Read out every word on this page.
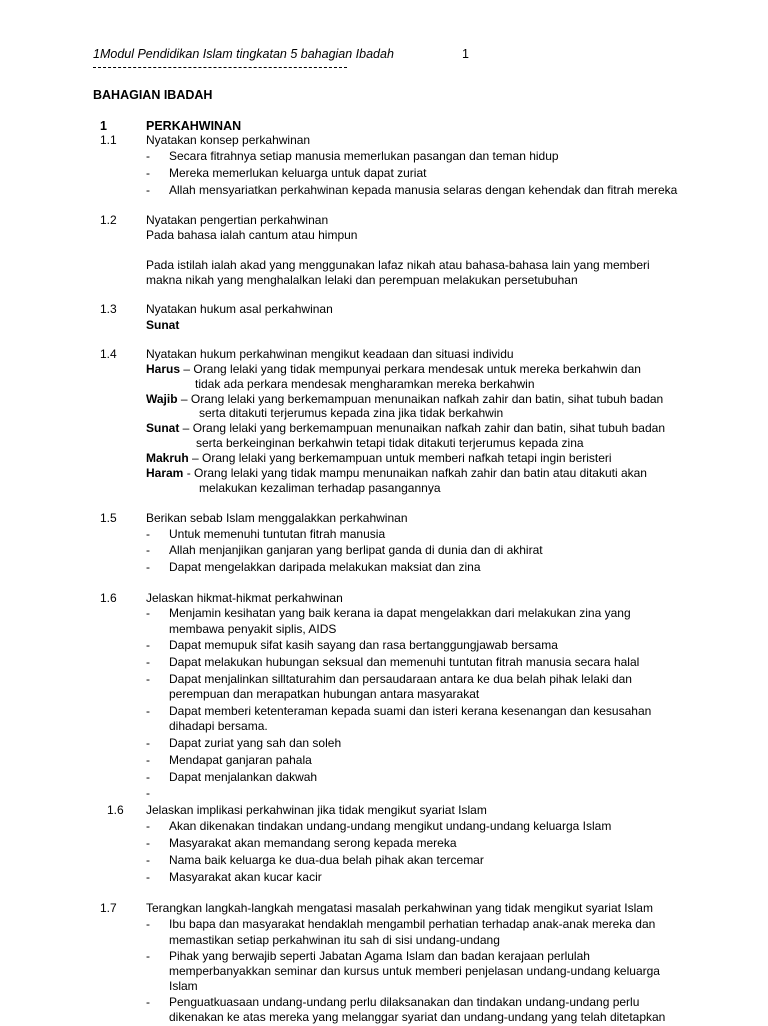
1Modul Pendidikan Islam tingkatan 5 bahagian Ibadah	1
BAHAGIAN IBADAH
1	PERKAHWINAN
1.1 Nyatakan konsep perkahwinan
- Secara fitrahnya setiap manusia memerlukan pasangan dan teman hidup
- Mereka memerlukan keluarga untuk dapat zuriat
- Allah mensyariatkan perkahwinan kepada manusia selaras dengan kehendak dan fitrah mereka
1.2 Nyatakan pengertian perkahwinan
Pada bahasa ialah cantum atau himpun
Pada istilah ialah akad yang menggunakan lafaz nikah atau bahasa-bahasa lain yang memberi
makna nikah yang menghalalkan lelaki dan perempuan melakukan persetubuhan
1.3 Nyatakan hukum asal perkahwinan
Sunat
1.4 Nyatakan hukum perkahwinan mengikut keadaan dan situasi individu
Harus – Orang lelaki yang tidak mempunyai perkara mendesak untuk mereka berkahwin dan
tidak ada perkara mendesak mengharamkan mereka berkahwin
Wajib – Orang lelaki yang berkemampuan menunaikan nafkah zahir dan batin, sihat tubuh badan
serta ditakuti terjerumus kepada zina jika tidak berkahwin
Sunat – Orang lelaki yang berkemampuan menunaikan nafkah zahir dan batin, sihat tubuh badan
serta berkeinginan berkahwin tetapi tidak ditakuti terjerumus kepada zina
Makruh – Orang lelaki yang berkemampuan untuk memberi nafkah tetapi ingin beristeri
Haram - Orang lelaki yang tidak mampu menunaikan nafkah zahir dan batin atau ditakuti akan
melakukan kezaliman terhadap pasangannya
1.5 Berikan sebab Islam menggalakkan perkahwinan
- Untuk memenuhi tuntutan fitrah manusia
- Allah menjanjikan ganjaran yang berlipat ganda di dunia dan di akhirat
- Dapat mengelakkan daripada melakukan maksiat dan zina
1.6 Jelaskan hikmat-hikmat perkahwinan
- Menjamin kesihatan yang baik kerana ia dapat mengelakkan dari melakukan zina yang
membawa penyakit siplis, AIDS
- Dapat memupuk sifat kasih sayang dan rasa bertanggungjawab bersama
- Dapat melakukan hubungan seksual dan memenuhi tuntutan fitrah manusia secara halal
- Dapat menjalinkan silltaturahim dan persaudaraan antara ke dua belah pihak lelaki dan
perempuan dan merapatkan hubungan antara masyarakat
- Dapat memberi ketenteraman kepada suami dan isteri kerana kesenangan dan kesusahan
dihadapi bersama.
- Dapat zuriat yang sah dan soleh
- Mendapat ganjaran pahala
- Dapat menjalankan dakwah
-
1.6 Jelaskan implikasi perkahwinan jika tidak mengikut syariat Islam
- Akan dikenakan tindakan undang-undang mengikut undang-undang keluarga Islam
- Masyarakat akan memandang serong kepada mereka
- Nama baik keluarga ke dua-dua belah pihak akan tercemar
- Masyarakat akan kucar kacir
1.7 Terangkan langkah-langkah mengatasi masalah perkahwinan yang tidak mengikut syariat Islam
- Ibu bapa dan masyarakat hendaklah mengambil perhatian terhadap anak-anak mereka dan
memastikan setiap perkahwinan itu sah di sisi undang-undang
- Pihak yang berwajib seperti Jabatan Agama Islam dan badan kerajaan perlulah
memperbanyakkan seminar dan kursus untuk memberi penjelasan undang-undang keluarga
Islam
- Penguatkuasaan undang-undang perlu dilaksanakan dan tindakan undang-undang perlu
dikenakan ke atas mereka yang melanggar syariat dan undang-undang yang telah ditetapkan
